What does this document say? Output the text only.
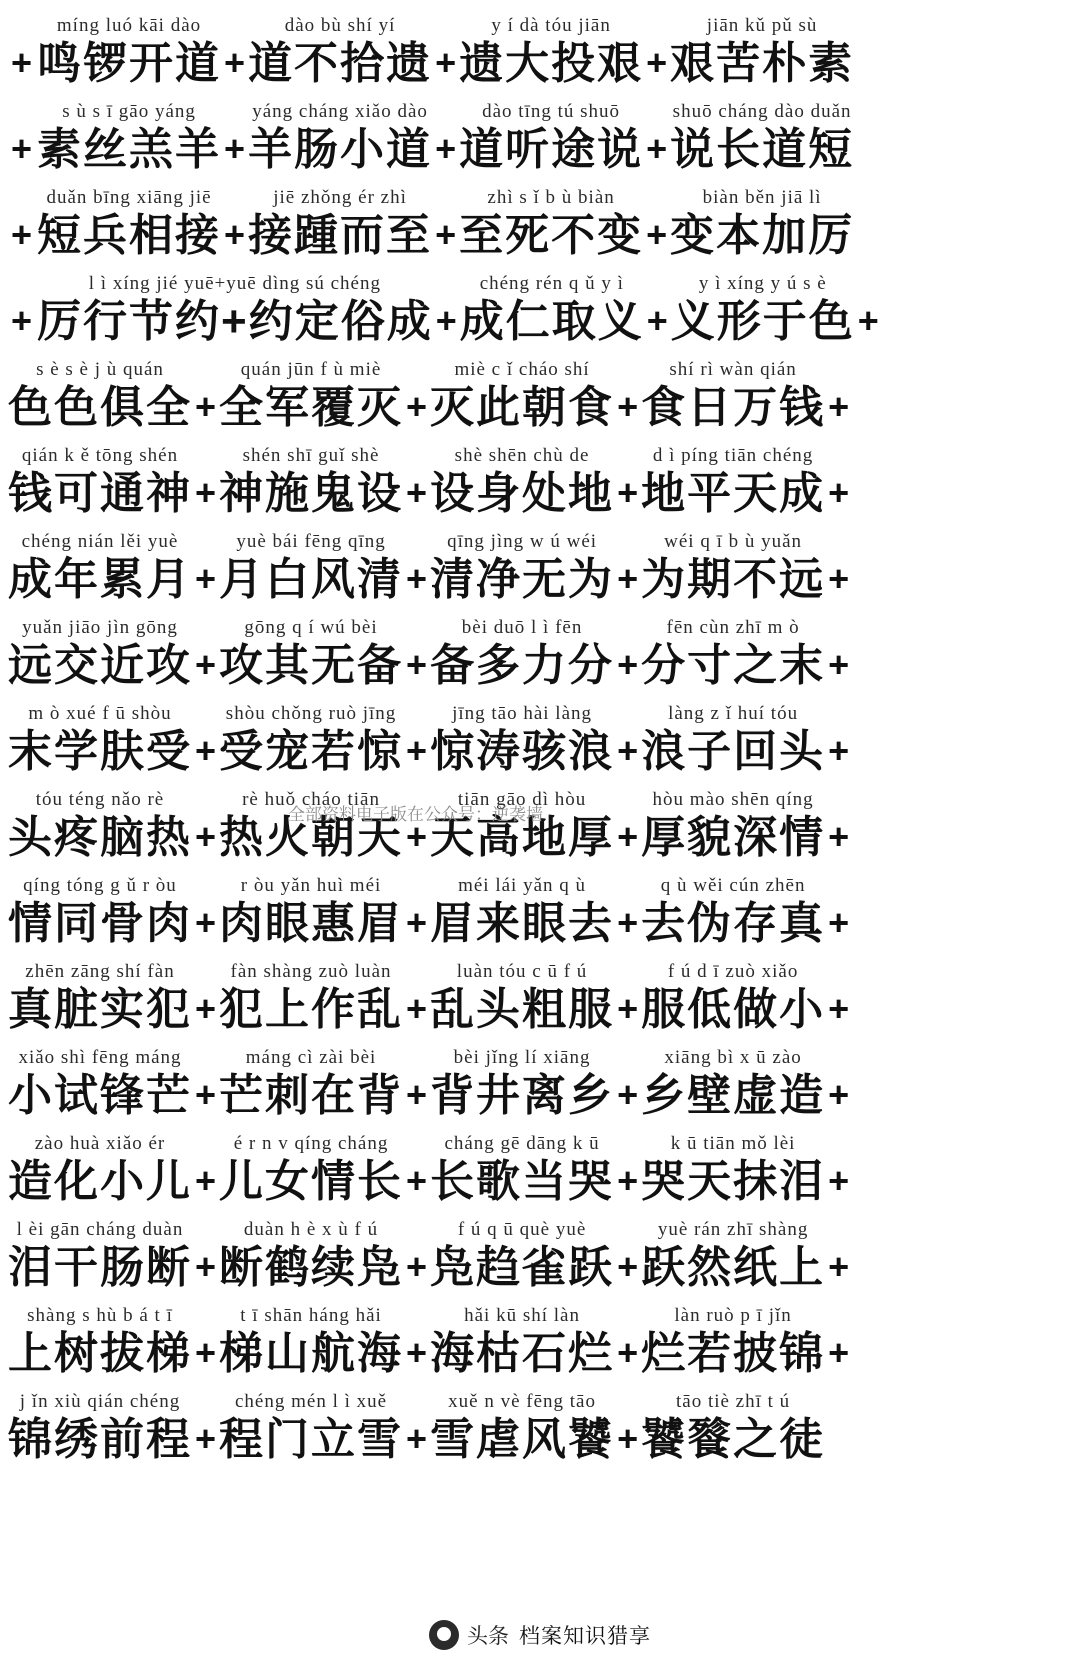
+
míng luó kāi dào
鸣锣开道 +
dào bù shí yí
道不拾遗 +
y í dà tóu jiān
遗大投艰 +
jiān kǔ pǔ sù
艰苦朴素
+
s ù s ī gāo yáng
素丝羔羊 +
yáng cháng xiǎo dào
羊肠小道 +
dào tīng tú shuō
道听途说 +
shuō cháng dào duǎn
说长道短
+
duǎn bīng xiāng jiē
短兵相接 +
jiē zhǒng ér zhì
接踵而至 +
zhì s ǐ b ù biàn
至死不变 +
biàn běn jiā lì
变本加厉
+
l ì xíng jié yuē+yuē dìng sú chéng
厉行节约+约定俗成 +
chéng rén q ǔ y ì
成仁取义 +
y ì xíng y ú s è
义形于色 +
s è s è j ù quán
色色俱全 +
quán jūn f ù miè
全军覆灭 +
miè c ǐ cháo shí
灭此朝食 +
shí rì wàn qián
食日万钱 +
qián k ě tōng shén
钱可通神 +
shén shī guǐ shè
神施鬼设 +
shè shēn chù de
设身处地 +
d ì píng tiān chéng
地平天成 +
chéng nián lěi yuè
成年累月 +
yuè bái fēng qīng
月白风清 +
qīng jìng w ú wéi
清净无为 +
wéi q ī b ù yuǎn
为期不远 +
yuǎn jiāo jìn gōng
远交近攻 +
gōng q í wú bèi
攻其无备 +
bèi duō l ì fēn
备多力分 +
fēn cùn zhī m ò
分寸之末 +
m ò xué f ū shòu
末学肤受 +
shòu chǒng ruò jīng
受宠若惊 +
jīng tāo hài làng
惊涛骇浪 +
làng z ǐ huí tóu
浪子回头 +
tóu téng nǎo rè
头疼脑热 +
rè huǒ cháo tiān
热火朝天 +
tiān gāo dì hòu
天高地厚 +
hòu mào shēn qíng
厚貌深情 +
qíng tóng g ǔ r òu
情同骨肉 +
r òu yǎn huì méi
肉眼惠眉 +
méi lái yǎn q ù
眉来眼去 +
q ù wěi cún zhēn
去伪存真 +
zhēn zāng shí fàn
真脏实犯 +
fàn shàng zuò luàn
犯上作乱 +
luàn tóu c ū f ú
乱头粗服 +
f ú d ī zuò xiǎo
服低做小 +
xiǎo shì fēng máng
小试锋芒 +
máng cì zài bèi
芒刺在背 +
bèi jǐng lí xiāng
背井离乡 +
xiāng bì x ū zào
乡壁虚造 +
zào huà xiǎo ér
造化小儿 +
é r n v qíng cháng
儿女情长 +
cháng gē dāng k ū
长歌当哭 +
k ū tiān mǒ lèi
哭天抹泪 +
l èi gān cháng duàn
泪干肠断 +
duàn h è x ù f ú
断鹤续凫 +
f ú q ū què yuè
凫趋雀跃 +
yuè rán zhī shàng
跃然纸上 +
shàng s hù b á t ī
上树拔梯 +
t ī shān háng hǎi
梯山航海 +
hǎi kū shí làn
海枯石烂 +
làn ruò p ī jǐn
烂若披锦 +
j ǐn xiù qián chéng
锦绣前程 +
chéng mén l ì xuě
程门立雪 +
xuě n vè fēng tāo
雪虐风饕 +
tāo tiè zhī t ú
饕餮之徒
全部资料电子版在公众号：逆袭墙
头条 档案知识猎享
